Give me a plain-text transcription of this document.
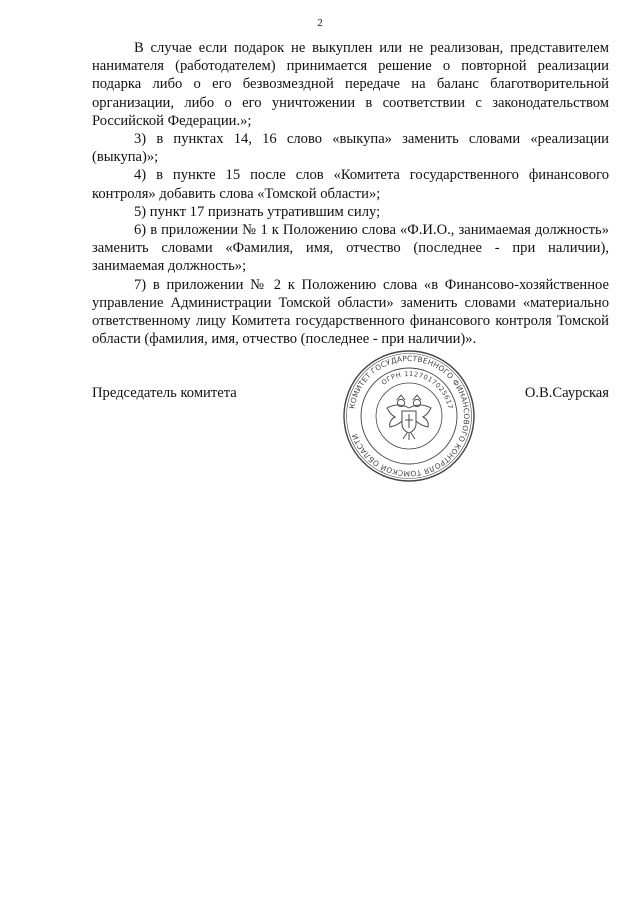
2

В случае если подарок не выкуплен или не реализован, представителем нанимателя (работодателем) принимается решение о повторной реализации подарка либо о его безвозмездной передаче на баланс благотворительной организации, либо о его уничтожении в соответствии с законодательством Российской Федерации.»;

3) в пунктах 14, 16 слово «выкупа» заменить словами «реализации (выкупа)»;

4) в пункте 15 после слов «Комитета государственного финансового контроля» добавить слова «Томской области»;

5) пункт 17 признать утратившим силу;

6) в приложении № 1 к Положению слова «Ф.И.О., занимаемая должность» заменить словами «Фамилия, имя, отчество (последнее - при наличии), занимаемая должность»;

7) в приложении № 2 к Положению слова «в Финансово-хозяйственное управление Администрации Томской области» заменить словами «материально ответственному лицу Комитета государственного финансового контроля Томской области (фамилия, имя, отчество (последнее - при наличии)».

Председатель комитета	О.В.Саурская
КОМИТЕТ ГОСУДАРСТВЕННОГО ФИНАНСОВОГО КОНТРОЛЯ ТОМСКОЙ ОБЛАСТИ
ОГРН 1127017025617
